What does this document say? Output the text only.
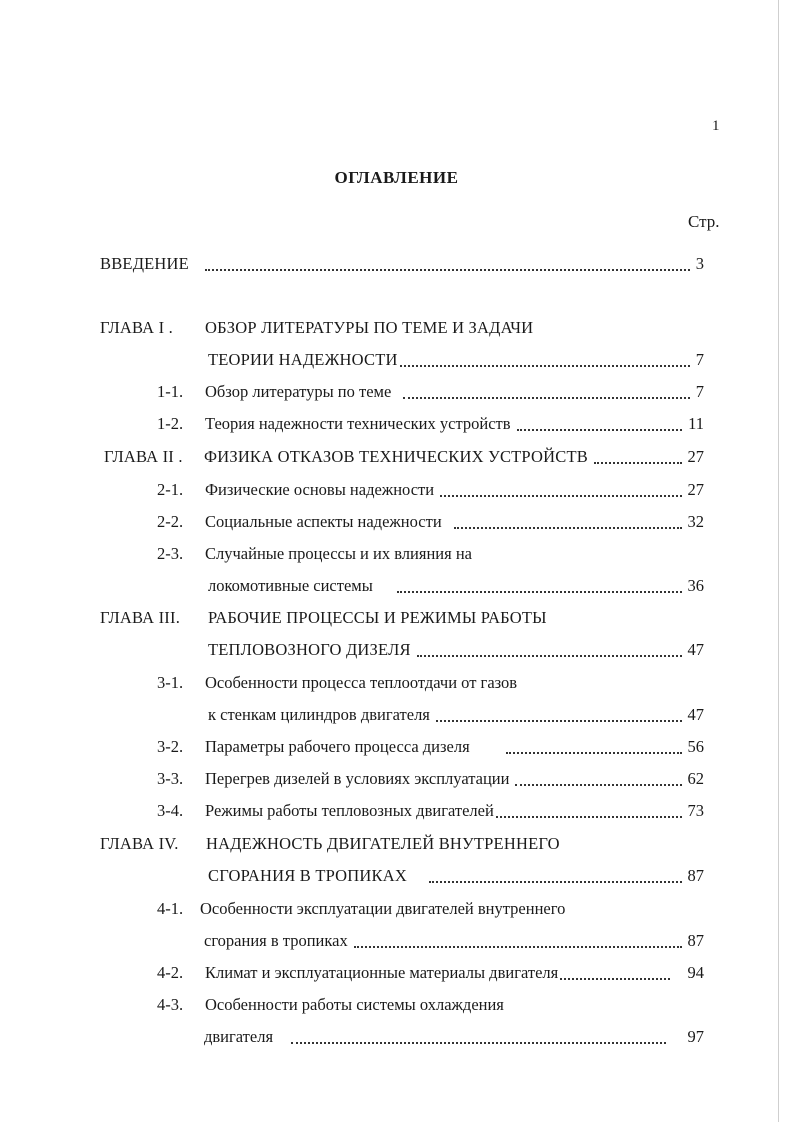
1
ОГЛАВЛЕНИЕ
Стр.
ВВЕДЕНИЕ	3
ГЛАВА I .	ОБЗОР ЛИТЕРАТУРЫ ПО ТЕМЕ И ЗАДАЧИ
ТЕОРИИ НАДЕЖНОСТИ	7
1-1.	Обзор литературы по теме	7
1-2.	Теория надежности технических устройств	11
ГЛАВА II .	ФИЗИКА ОТКАЗОВ ТЕХНИЧЕСКИХ УСТРОЙСТВ	27
2-1.	Физические основы надежности	27
2-2.	Социальные аспекты надежности	32
2-3.	Случайные процессы и их влияния на
локомотивные системы	36
ГЛАВА III.	РАБОЧИЕ ПРОЦЕССЫ И РЕЖИМЫ РАБОТЫ
ТЕПЛОВОЗНОГО ДИЗЕЛЯ	47
3-1.	Особенности процесса теплоотдачи от газов
к стенкам цилиндров двигателя	47
3-2.	Параметры рабочего процесса дизеля	56
3-3.	Перегрев дизелей в условиях эксплуатации	62
3-4.	Режимы работы тепловозных двигателей	73
ГЛАВА IV.	НАДЕЖНОСТЬ ДВИГАТЕЛЕЙ ВНУТРЕННЕГО
СГОРАНИЯ В ТРОПИКАХ	87
4-1.	Особенности эксплуатации двигателей внутреннего
сгорания в тропиках	87
4-2.	Климат и эксплуатационные материалы двигателя	94
4-3.	Особенности работы системы охлаждения
двигателя	97
